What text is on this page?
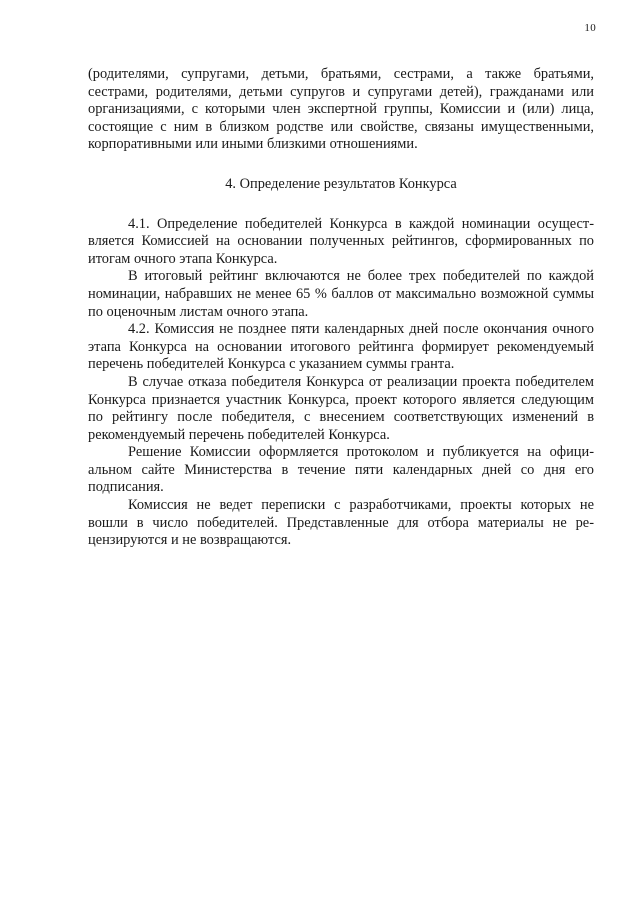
10

(родителями, супругами, детьми, братьями, сестрами, а также братьями, сестрами, родителями, детьми супругов и супругами детей), гражданами или организациями, с которыми член экспертной группы, Комиссии и (или) лица, состоящие с ним в близком родстве или свойстве, связаны имущественными, корпоративными или иными близкими отношениями.

4. Определение результатов Конкурса

4.1. Определение победителей Конкурса в каждой номинации осуществляется Комиссией на основании полученных рейтингов, сформированных по итогам очного этапа Конкурса.

В итоговый рейтинг включаются не более трех победителей по каждой номинации, набравших не менее 65 % баллов от максимально возможной суммы по оценочным листам очного этапа.

4.2. Комиссия не позднее пяти календарных дней после окончания очного этапа Конкурса на основании итогового рейтинга формирует рекомендуемый перечень победителей Конкурса с указанием суммы гранта.

В случае отказа победителя Конкурса от реализации проекта победителем Конкурса признается участник Конкурса, проект которого является следующим по рейтингу после победителя, с внесением соответствующих изменений в рекомендуемый перечень победителей Конкурса.

Решение Комиссии оформляется протоколом и публикуется на официальном сайте Министерства в течение пяти календарных дней со дня его подписания.

Комиссия не ведет переписки с разработчиками, проекты которых не вошли в число победителей. Представленные для отбора материалы не рецензируются и не возвращаются.
